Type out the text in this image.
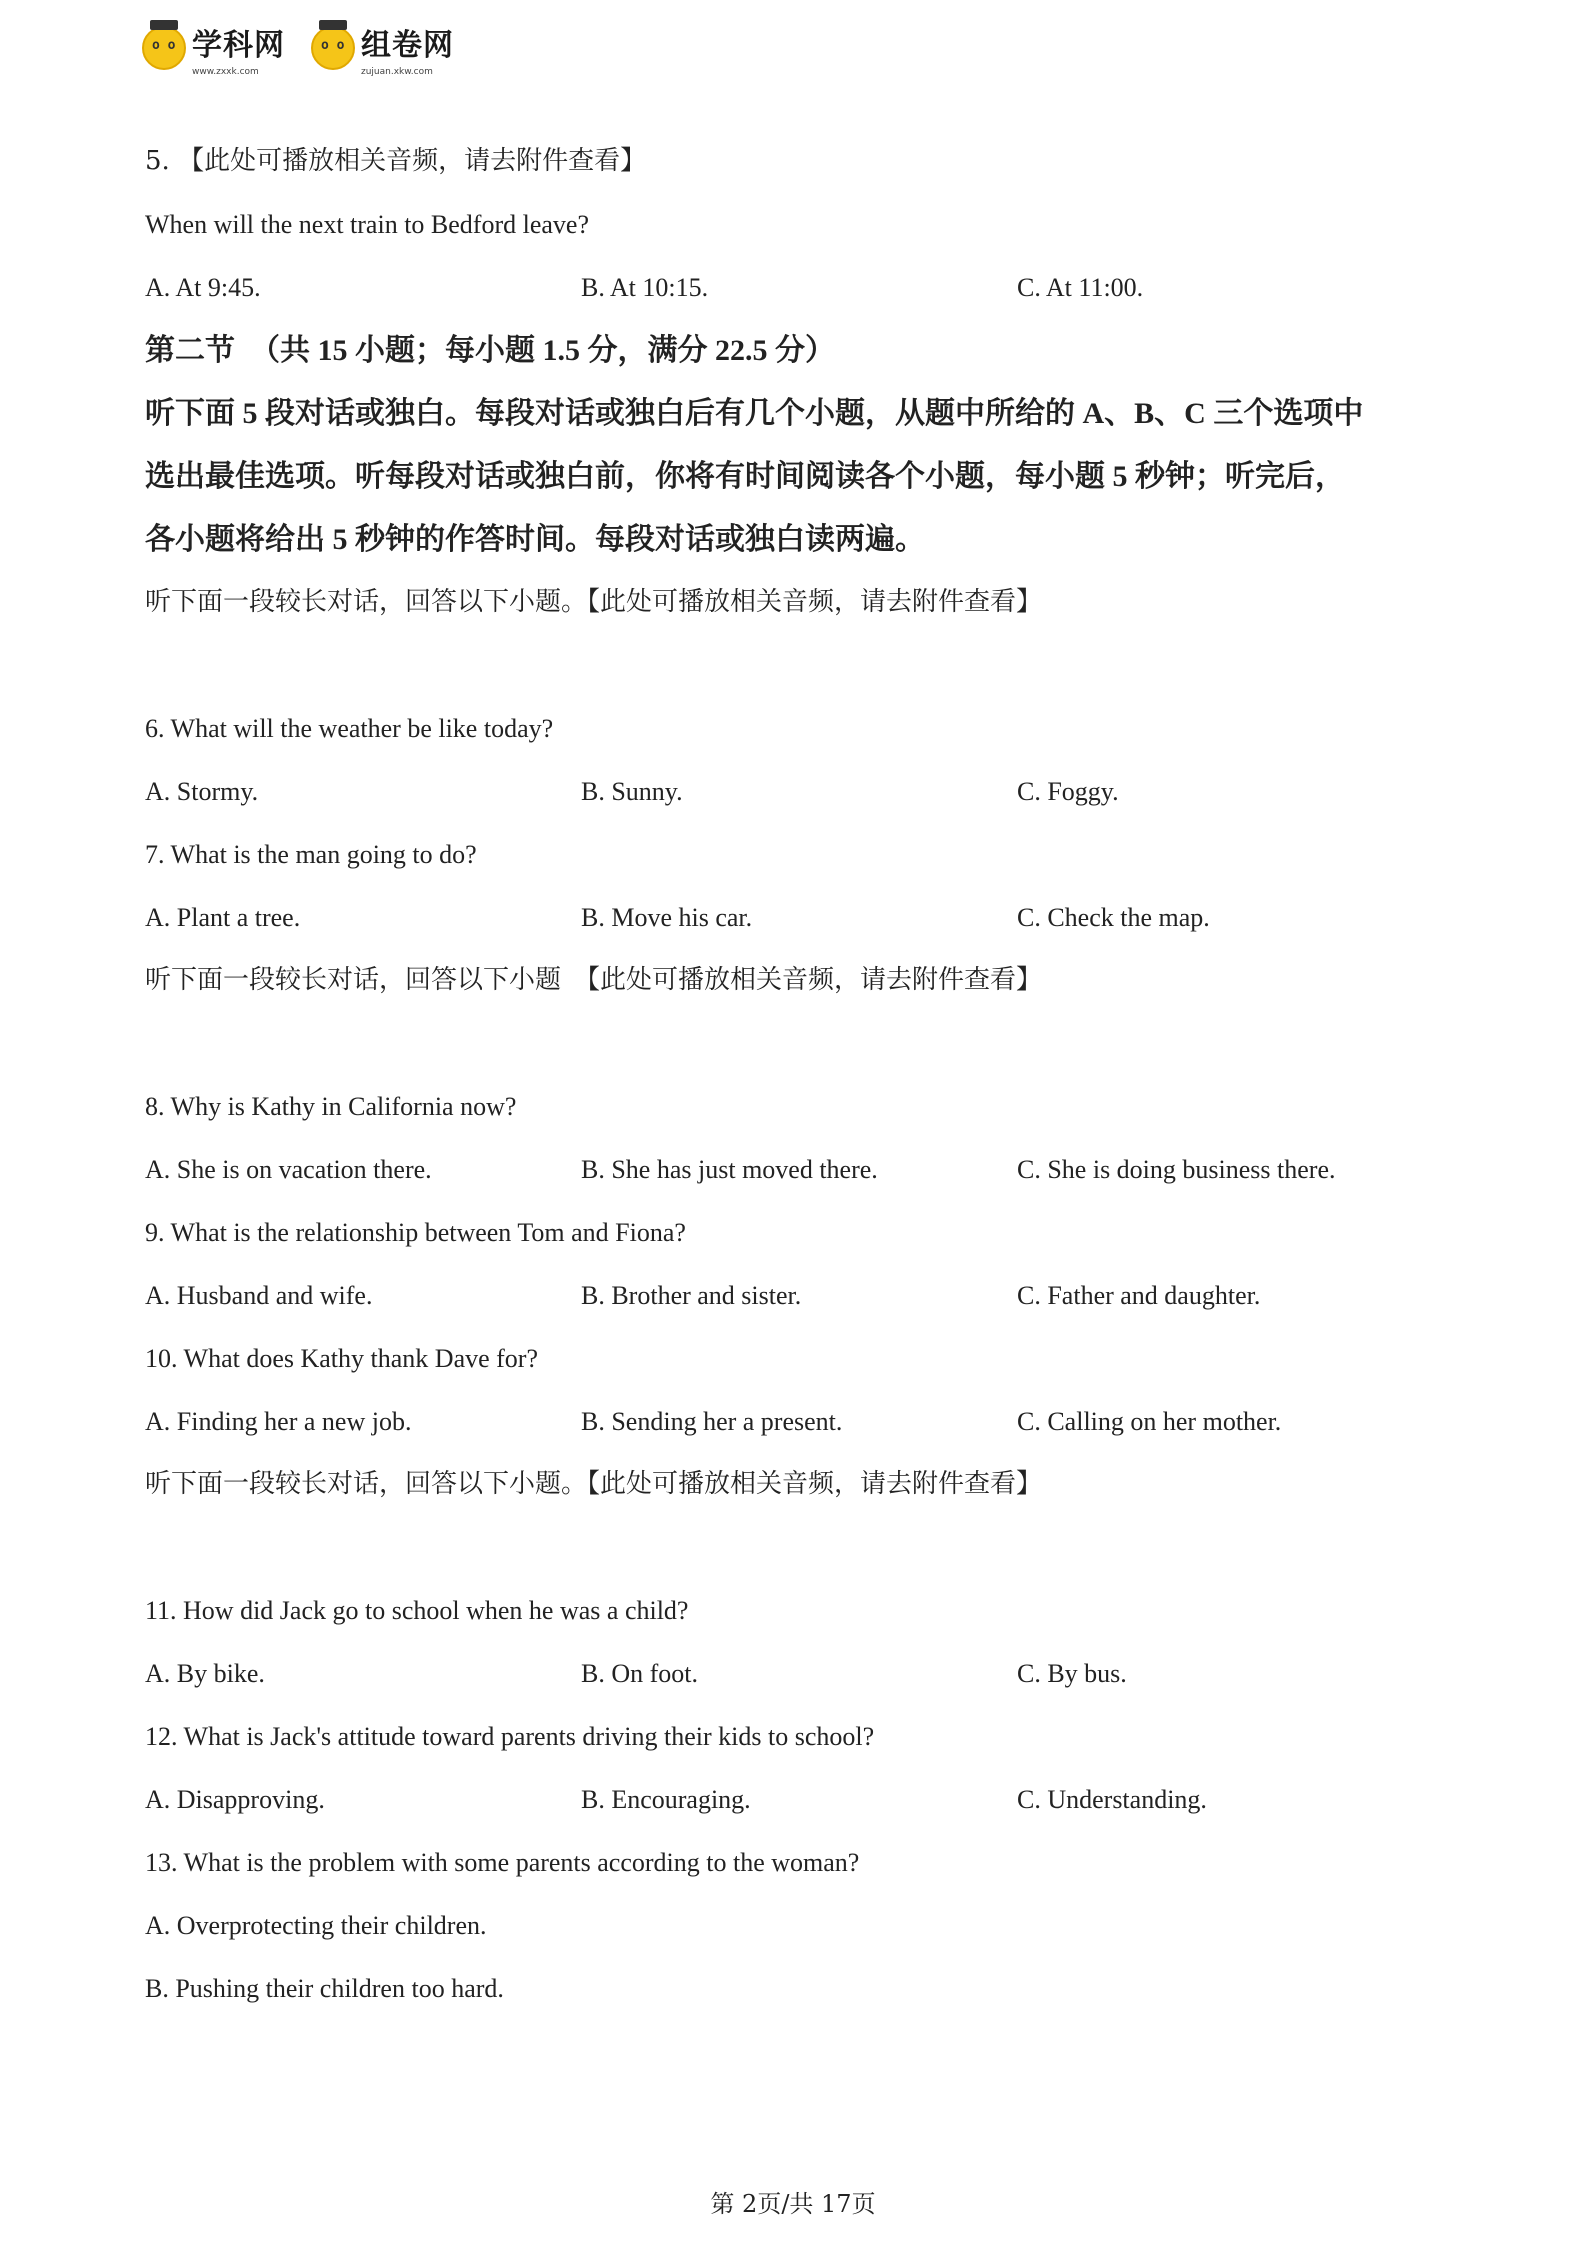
o o
学科网
www.zxxk.com
o o
组卷网
zujuan.xkw.com
5. 【此处可播放相关音频，请去附件查看】
When will the next train to Bedford leave?
A. At 9:45.	B. At 10:15.	C. At 11:00.
第二节　（共 15 小题；每小题 1.5 分，满分 22.5 分）
听下面 5 段对话或独白。每段对话或独白后有几个小题，从题中所给的 A、B、C 三个选项中
选出最佳选项。听每段对话或独白前，你将有时间阅读各个小题，每小题 5 秒钟；听完后，
各小题将给出 5 秒钟的作答时间。每段对话或独白读两遍。
听下面一段较长对话，回答以下小题。【此处可播放相关音频，请去附件查看】
6. What will the weather be like today?
A. Stormy.	B. Sunny.	C. Foggy.
7. What is the man going to do?
A. Plant a tree.	B. Move his car.	C. Check the map.
听下面一段较长对话，回答以下小题　【此处可播放相关音频，请去附件查看】
8. Why is Kathy in California now?
A. She is on vacation there.	B. She has just moved there.	C. She is doing business there.
9. What is the relationship between Tom and Fiona?
A. Husband and wife.	B. Brother and sister.	C. Father and daughter.
10. What does Kathy thank Dave for?
A. Finding her a new job.	B. Sending her a present.	C. Calling on her mother.
听下面一段较长对话，回答以下小题。【此处可播放相关音频，请去附件查看】
11. How did Jack go to school when he was a child?
A. By bike.	B. On foot.	C. By bus.
12. What is Jack's attitude toward parents driving their kids to school?
A. Disapproving.	B. Encouraging.	C. Understanding.
13. What is the problem with some parents according to the woman?
A. Overprotecting their children.
B. Pushing their children too hard.
第 2页/共 17页
